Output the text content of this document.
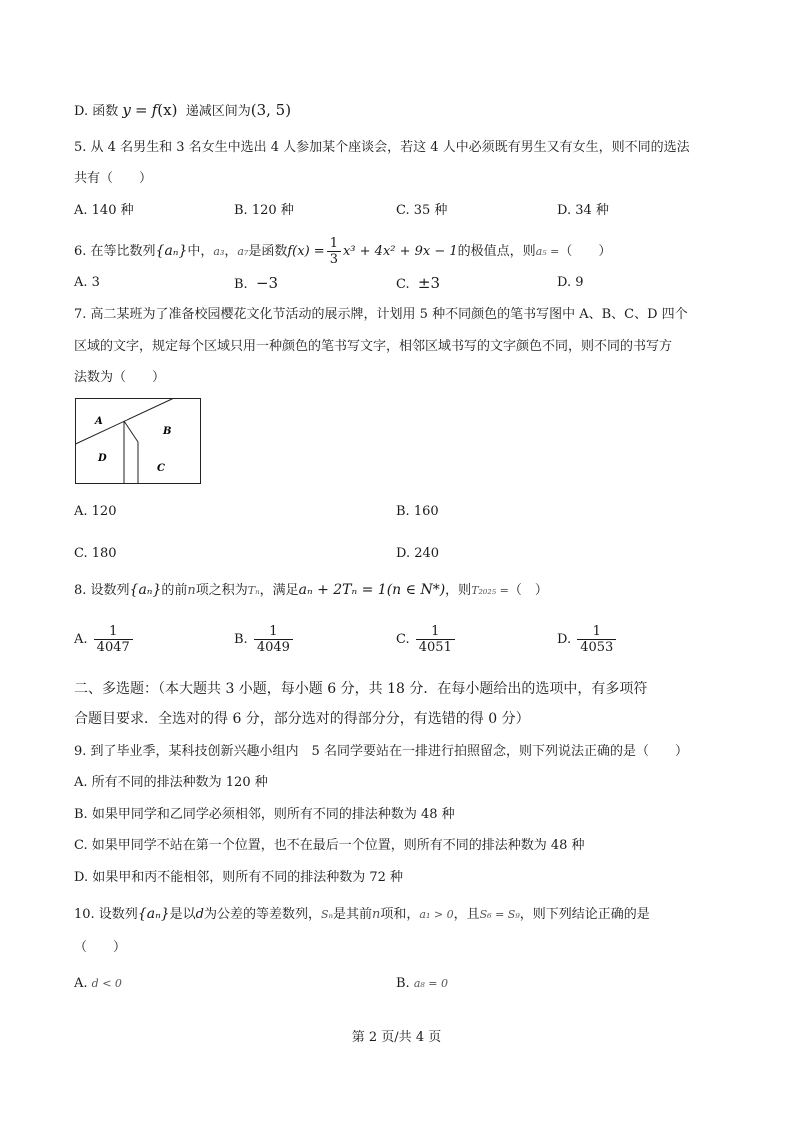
D. 函数 y = f(x) 递减区间为(3, 5)
5. 从 4 名男生和 3 名女生中选出 4 人参加某个座谈会，若这 4 人中必须既有男生又有女生，则不同的选法
共有（　　）
A. 140 种	B. 120 种	C. 35 种	D. 34 种
6. 在等比数列{aₙ}中，a₃，a₇是函数$f(x) = \frac{1}{3} x^3 + 4x^2 + 9x - 1$的极值点，则a₅ =（　　）
A. 3	B. −3	C. ±3	D. 9
7. 高二某班为了准备校园樱花文化节活动的展示牌，计划用 5 种不同颜色的笔书写图中 A、B、C、D 四个
区域的文字，规定每个区域只用一种颜色的笔书写文字，相邻区域书写的文字颜色不同，则不同的书写方
法数为（　　）
A
B
D
C
A. 120	B. 160
C. 180	D. 240
8. 设数列{aₙ}的前n项之积为Tₙ，满足aₙ + 2Tₙ = 1(n ∈ N*)，则T₂₀₂₅ =（　）
A. $\frac{1}{4047}$	B. $\frac{1}{4049}$	C. $\frac{1}{4051}$	D. $\frac{1}{4053}$
二、多选题：（本大题共 3 小题，每小题 6 分，共 18 分．在每小题给出的选项中，有多项符
合题目要求．全选对的得 6 分，部分选对的得部分分，有选错的得 0 分）
9. 到了毕业季，某科技创新兴趣小组内　5 名同学要站在一排进行拍照留念，则下列说法正确的是（　　）
A. 所有不同的排法种数为 120 种
B. 如果甲同学和乙同学必须相邻，则所有不同的排法种数为 48 种
C. 如果甲同学不站在第一个位置，也不在最后一个位置，则所有不同的排法种数为 48 种
D. 如果甲和丙不能相邻，则所有不同的排法种数为 72 种
10. 设数列{aₙ}是以d为公差的等差数列，Sₙ是其前n项和，a₁ > 0，且S₆ = S₉，则下列结论正确的是
（　　）
A. d < 0	B. a₈ = 0
第 2 页/共 4 页
